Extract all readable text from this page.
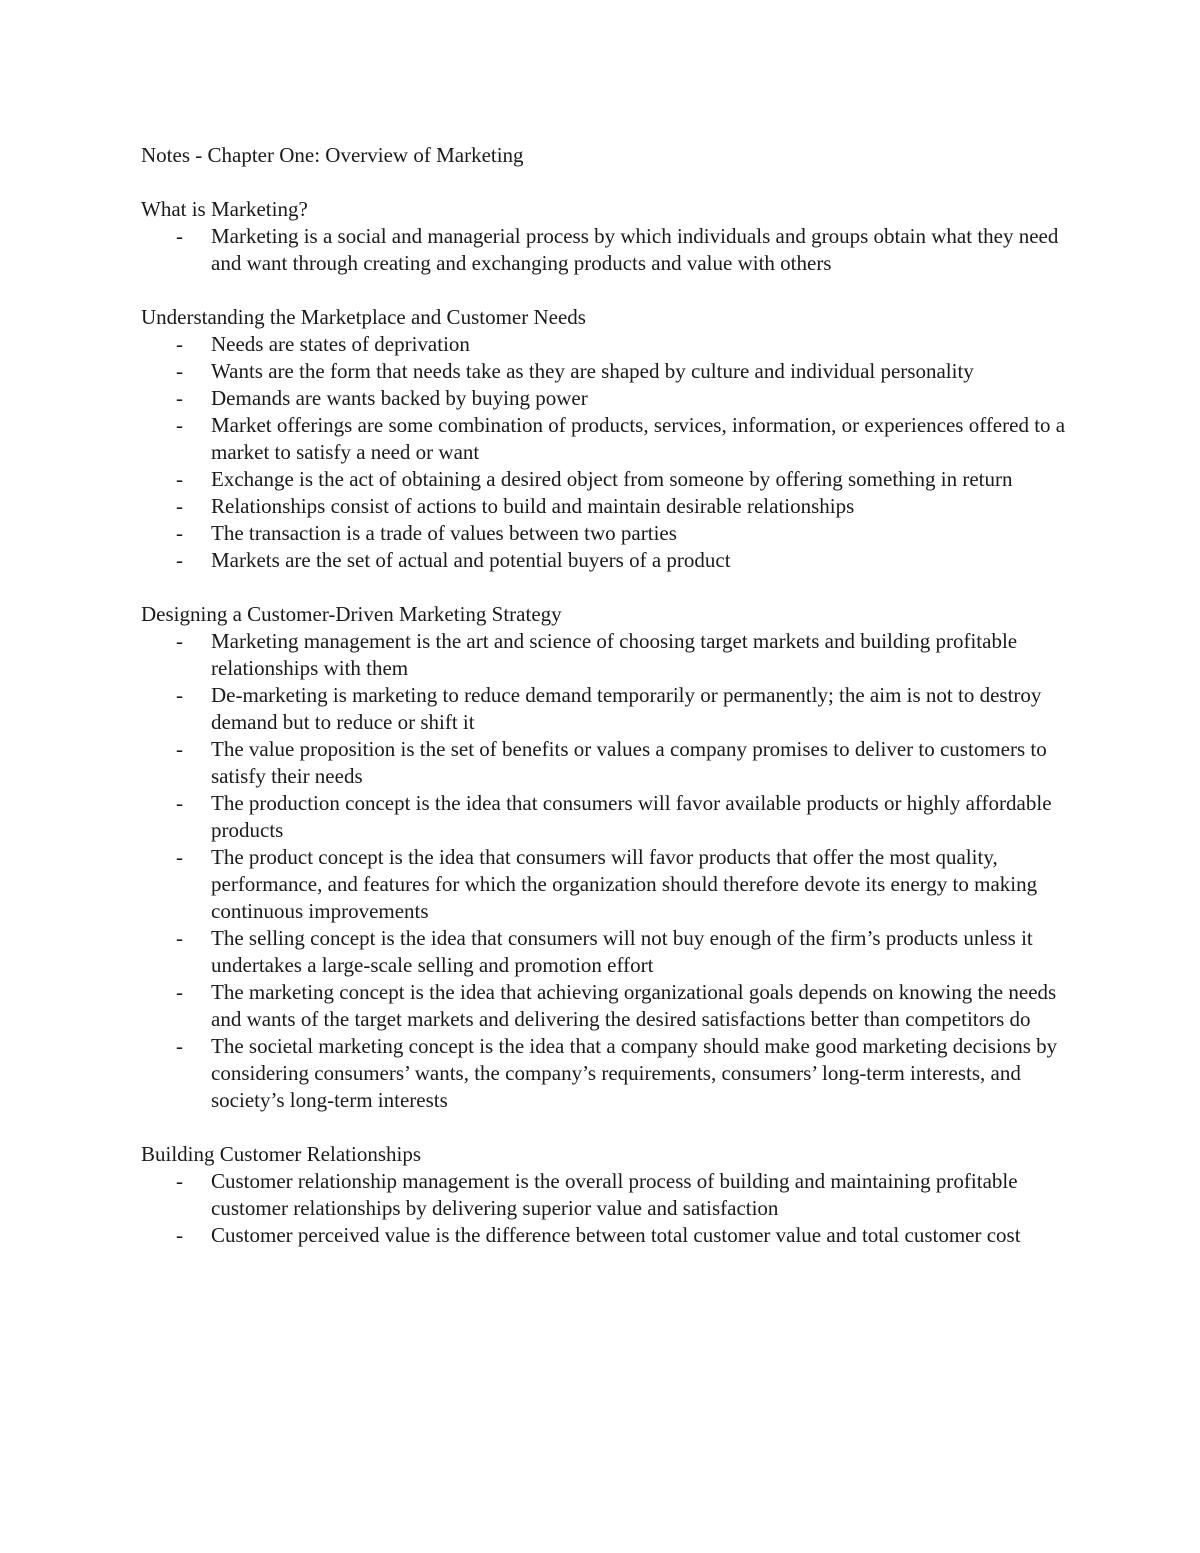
Notes - Chapter One: Overview of Marketing

What is Marketing?

- Marketing is a social and managerial process by which individuals and groups obtain what they need and want through creating and exchanging products and value with others

Understanding the Marketplace and Customer Needs

- Needs are states of deprivation
- Wants are the form that needs take as they are shaped by culture and individual personality
- Demands are wants backed by buying power
- Market offerings are some combination of products, services, information, or experiences offered to a market to satisfy a need or want
- Exchange is the act of obtaining a desired object from someone by offering something in return
- Relationships consist of actions to build and maintain desirable relationships
- The transaction is a trade of values between two parties
- Markets are the set of actual and potential buyers of a product

Designing a Customer-Driven Marketing Strategy

- Marketing management is the art and science of choosing target markets and building profitable relationships with them
- De-marketing is marketing to reduce demand temporarily or permanently; the aim is not to destroy demand but to reduce or shift it
- The value proposition is the set of benefits or values a company promises to deliver to customers to satisfy their needs
- The production concept is the idea that consumers will favor available products or highly affordable products
- The product concept is the idea that consumers will favor products that offer the most quality, performance, and features for which the organization should therefore devote its energy to making continuous improvements
- The selling concept is the idea that consumers will not buy enough of the firm’s products unless it undertakes a large-scale selling and promotion effort
- The marketing concept is the idea that achieving organizational goals depends on knowing the needs and wants of the target markets and delivering the desired satisfactions better than competitors do
- The societal marketing concept is the idea that a company should make good marketing decisions by considering consumers’ wants, the company’s requirements, consumers’ long-term interests, and society’s long-term interests

Building Customer Relationships

- Customer relationship management is the overall process of building and maintaining profitable customer relationships by delivering superior value and satisfaction
- Customer perceived value is the difference between total customer value and total customer cost
